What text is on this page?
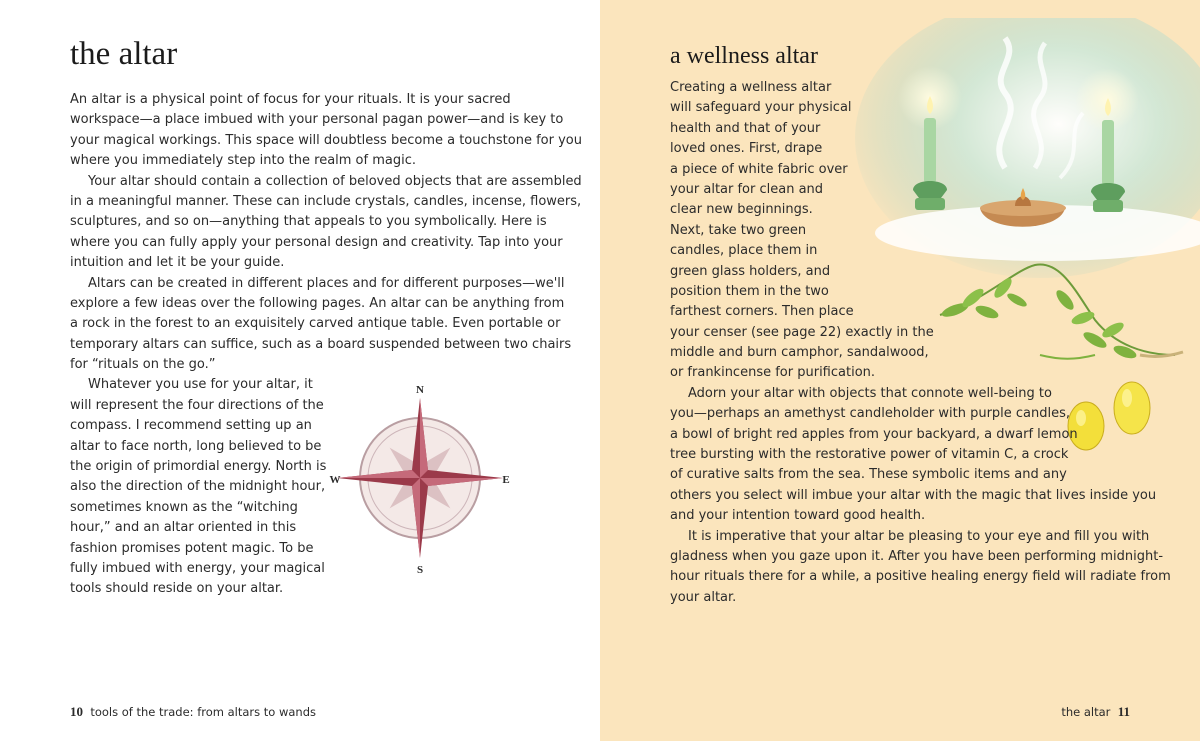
the altar
An altar is a physical point of focus for your rituals. It is your sacred
workspace—a place imbued with your personal pagan power—and is key to
your magical workings. This space will doubtless become a touchstone for you
where you immediately step into the realm of magic.
Your altar should contain a collection of beloved objects that are assembled
in a meaningful manner. These can include crystals, candles, incense, flowers,
sculptures, and so on—anything that appeals to you symbolically. Here is
where you can fully apply your personal design and creativity. Tap into your
intuition and let it be your guide.
Altars can be created in different places and for different purposes—we'll
explore a few ideas over the following pages. An altar can be anything from
a rock in the forest to an exquisitely carved antique table. Even portable or
temporary altars can suffice, such as a board suspended between two chairs
for “rituals on the go.”
Whatever you use for your altar, it
will represent the four directions of the
compass. I recommend setting up an
altar to face north, long believed to be
the origin of primordial energy. North is
also the direction of the midnight hour,
sometimes known as the “witching
hour,” and an altar oriented in this
fashion promises potent magic. To be
fully imbued with energy, your magical
tools should reside on your altar.
N
S
E
W
10 tools of the trade: from altars to wands
a wellness altar
Creating a wellness altar
will safeguard your physical
health and that of your
loved ones. First, drape
a piece of white fabric over
your altar for clean and
clear new beginnings.
Next, take two green
candles, place them in
green glass holders, and
position them in the two
farthest corners. Then place
your censer (see page 22) exactly in the
middle and burn camphor, sandalwood,
or frankincense for purification.
Adorn your altar with objects that connote well-being to
you—perhaps an amethyst candleholder with purple candles,
a bowl of bright red apples from your backyard, a dwarf lemon
tree bursting with the restorative power of vitamin C, a crock
of curative salts from the sea. These symbolic items and any
others you select will imbue your altar with the magic that lives inside you
and your intention toward good health.
It is imperative that your altar be pleasing to your eye and fill you with
gladness when you gaze upon it. After you have been performing midnight-
hour rituals there for a while, a positive healing energy field will radiate from
your altar.
the altar 11
